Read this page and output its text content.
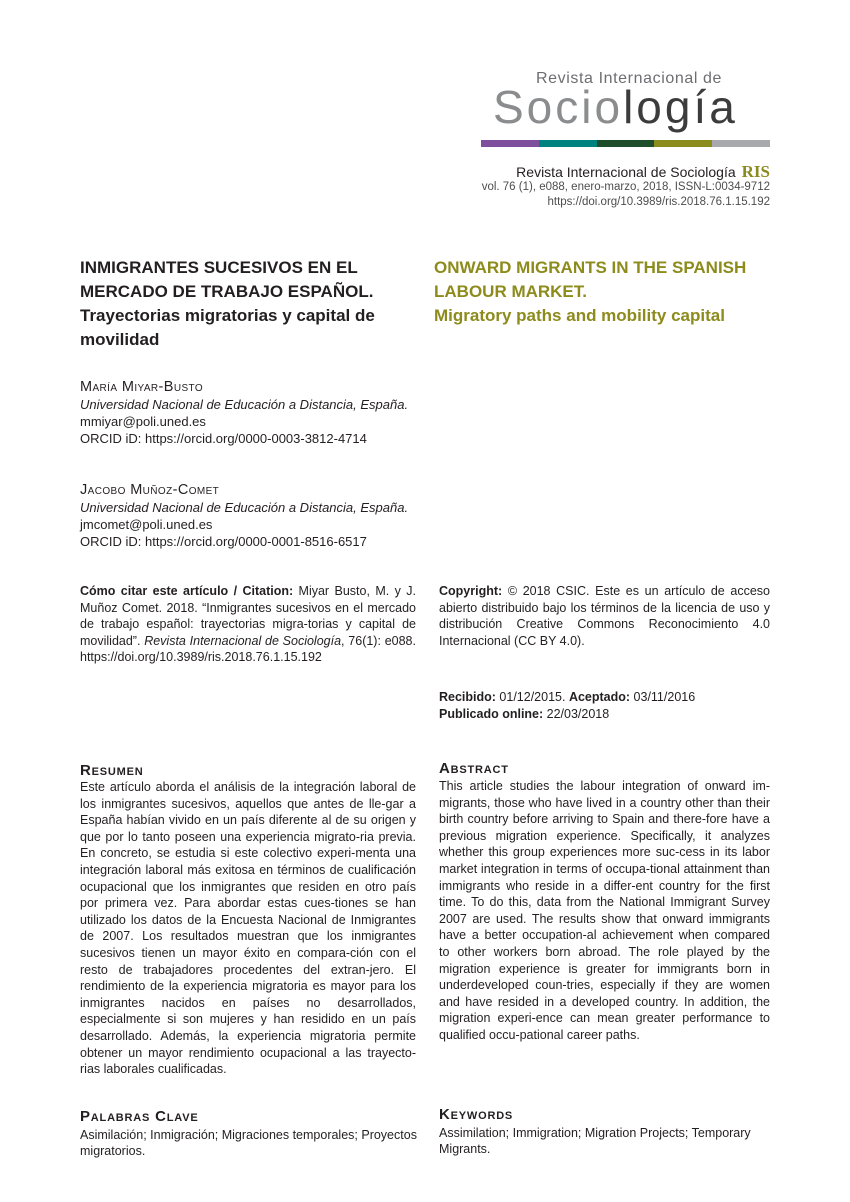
Revista Internacional de
Sociología
Revista Internacional de Sociología RIS
vol. 76 (1), e088, enero-marzo, 2018, ISSN-L:0034-9712
https://doi.org/10.3989/ris.2018.76.1.15.192
INMIGRANTES SUCESIVOS EN EL MERCADO DE TRABAJO ESPAÑOL.
Trayectorias migratorias y capital de movilidad
ONWARD MIGRANTS IN THE SPANISH LABOUR MARKET.
Migratory paths and mobility capital
María Miyar-Busto
Universidad Nacional de Educación a Distancia, España.
mmiyar@poli.uned.es
ORCID iD: https://orcid.org/0000-0003-3812-4714
Jacobo Muñoz-Comet
Universidad Nacional de Educación a Distancia, España.
jmcomet@poli.uned.es
ORCID iD: https://orcid.org/0000-0001-8516-6517
Cómo citar este artículo / Citation: Miyar Busto, M. y J. Muñoz Comet. 2018. “Inmigrantes sucesivos en el mercado de trabajo español: trayectorias migra-torias y capital de movilidad”. Revista Internacional de Sociología, 76(1): e088. https://doi.org/10.3989/ris.2018.76.1.15.192
Copyright: © 2018 CSIC. Este es un artículo de acceso abierto distribuido bajo los términos de la licencia de uso y distribución Creative Commons Reconocimiento 4.0 Internacional (CC BY 4.0).
Recibido: 01/12/2015. Aceptado: 03/11/2016
Publicado online: 22/03/2018
Resumen
Este artículo aborda el análisis de la integración laboral de los inmigrantes sucesivos, aquellos que antes de lle-gar a España habían vivido en un país diferente al de su origen y que por lo tanto poseen una experiencia migrato-ria previa. En concreto, se estudia si este colectivo experi-menta una integración laboral más exitosa en términos de cualificación ocupacional que los inmigrantes que residen en otro país por primera vez. Para abordar estas cues-tiones se han utilizado los datos de la Encuesta Nacional de Inmigrantes de 2007. Los resultados muestran que los inmigrantes sucesivos tienen un mayor éxito en compara-ción con el resto de trabajadores procedentes del extran-jero. El rendimiento de la experiencia migratoria es mayor para los inmigrantes nacidos en países no desarrollados, especialmente si son mujeres y han residido en un país desarrollado. Además, la experiencia migratoria permite obtener un mayor rendimiento ocupacional a las trayecto-rias laborales cualificadas.
Abstract
This article studies the labour integration of onward im-migrants, those who have lived in a country other than their birth country before arriving to Spain and there-fore have a previous migration experience. Specifically, it analyzes whether this group experiences more suc-cess in its labor market integration in terms of occupa-tional attainment than immigrants who reside in a differ-ent country for the first time. To do this, data from the National Immigrant Survey 2007 are used. The results show that onward immigrants have a better occupation-al achievement when compared to other workers born abroad. The role played by the migration experience is greater for immigrants born in underdeveloped coun-tries, especially if they are women and have resided in a developed country. In addition, the migration experi-ence can mean greater performance to qualified occu-pational career paths.
Palabras Clave
Asimilación; Inmigración; Migraciones temporales; Proyectos migratorios.
Keywords
Assimilation; Immigration; Migration Projects; Temporary Migrants.
